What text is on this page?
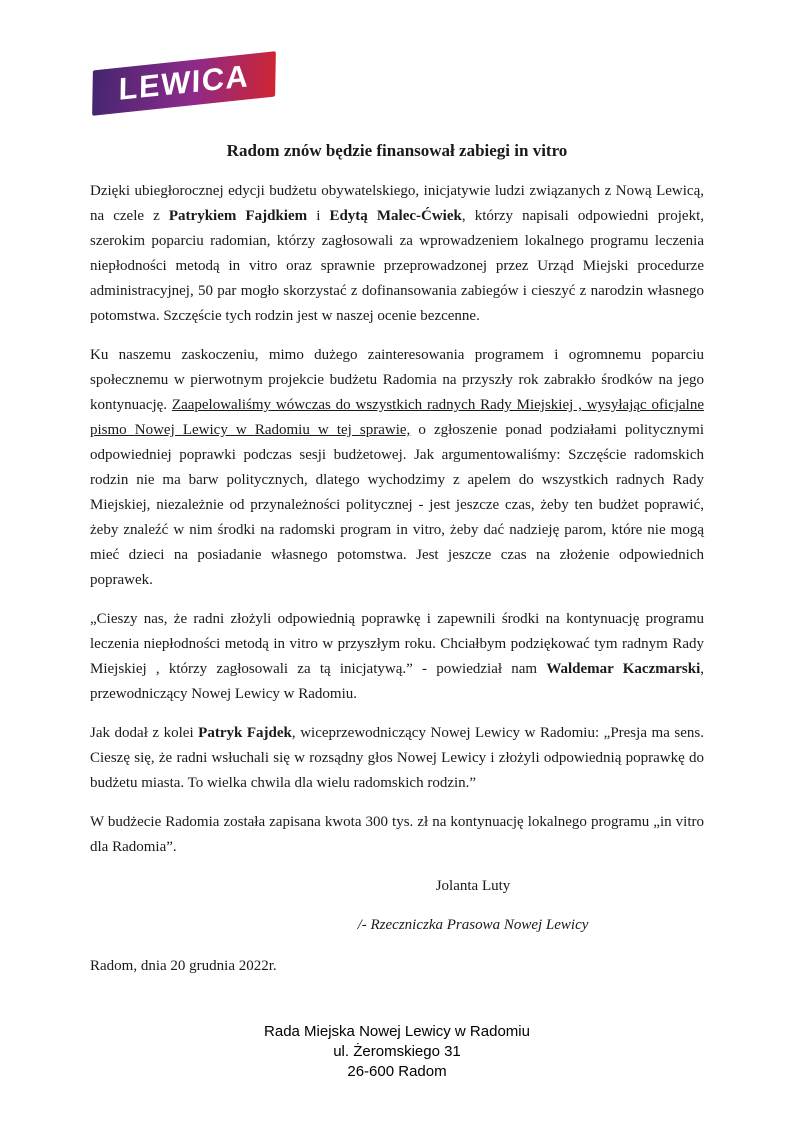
LEWICA
Radom znów będzie finansował zabiegi in vitro

Dzięki ubiegłorocznej edycji budżetu obywatelskiego, inicjatywie ludzi związanych z Nową Lewicą, na czele z Patrykiem Fajdkiem i Edytą Malec-Ćwiek, którzy napisali odpowiedni projekt, szerokim poparciu radomian, którzy zagłosowali za wprowadzeniem lokalnego programu leczenia niepłodności metodą in vitro oraz sprawnie przeprowadzonej przez Urząd Miejski procedurze administracyjnej, 50 par mogło skorzystać z dofinansowania zabiegów i cieszyć z narodzin własnego potomstwa. Szczęście tych rodzin jest w naszej ocenie bezcenne.

Ku naszemu zaskoczeniu, mimo dużego zainteresowania programem i ogromnemu poparciu społecznemu w pierwotnym projekcie budżetu Radomia na przyszły rok zabrakło środków na jego kontynuację. Zaapelowaliśmy wówczas do wszystkich radnych Rady Miejskiej , wysyłając oficjalne pismo Nowej Lewicy w Radomiu w tej sprawie, o zgłoszenie ponad podziałami politycznymi odpowiedniej poprawki podczas sesji budżetowej. Jak argumentowaliśmy: Szczęście radomskich rodzin nie ma barw politycznych, dlatego wychodzimy z apelem do wszystkich radnych Rady Miejskiej, niezależnie od przynależności politycznej - jest jeszcze czas, żeby ten budżet poprawić, żeby znaleźć w nim środki na radomski program in vitro, żeby dać nadzieję parom, które nie mogą mieć dzieci na posiadanie własnego potomstwa. Jest jeszcze czas na złożenie odpowiednich poprawek.

„Cieszy nas, że radni złożyli odpowiednią poprawkę i zapewnili środki na kontynuację programu leczenia niepłodności metodą in vitro w przyszłym roku. Chciałbym podziękować tym radnym Rady Miejskiej , którzy zagłosowali za tą inicjatywą.” - powiedział nam Waldemar Kaczmarski, przewodniczący Nowej Lewicy w Radomiu.

Jak dodał z kolei Patryk Fajdek, wiceprzewodniczący Nowej Lewicy w Radomiu: „Presja ma sens. Cieszę się, że radni wsłuchali się w rozsądny głos Nowej Lewicy i złożyli odpowiednią poprawkę do budżetu miasta. To wielka chwila dla wielu radomskich rodzin.”

W budżecie Radomia została zapisana kwota 300 tys. zł na kontynuację lokalnego programu „in vitro dla Radomia”.

Jolanta Luty

/- Rzeczniczka Prasowa Nowej Lewicy

Radom, dnia 20 grudnia 2022r.

Rada Miejska Nowej Lewicy w Radomiu
ul. Żeromskiego 31
26-600 Radom
